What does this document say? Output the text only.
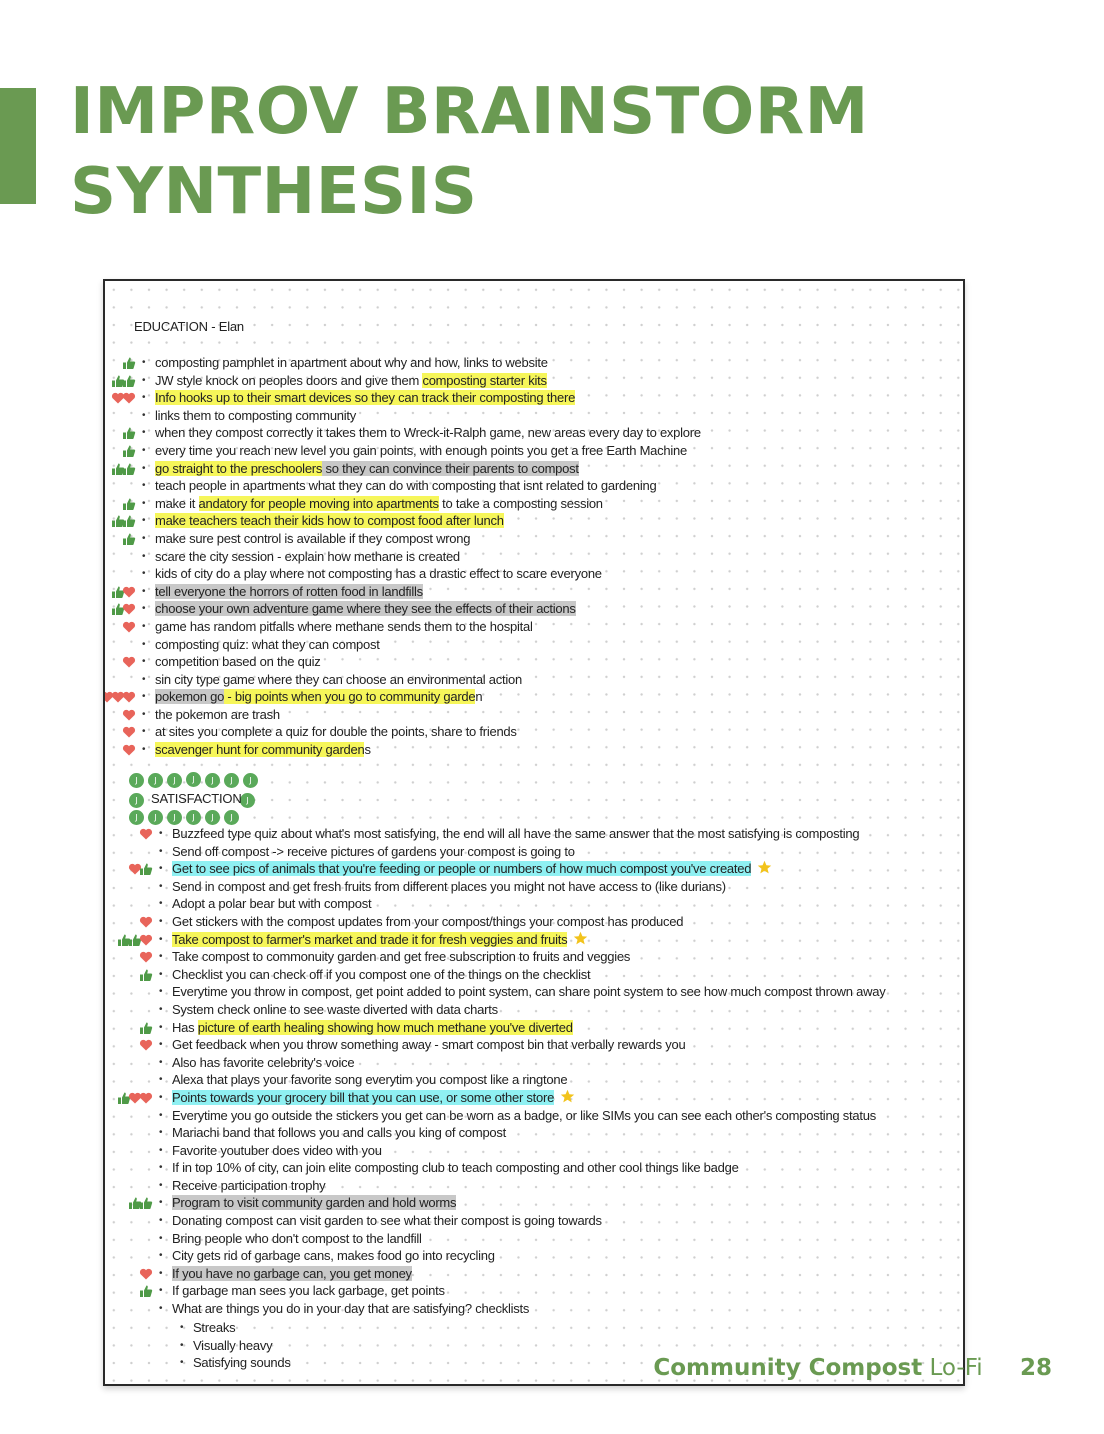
IMPROV BRAINSTORM
SYNTHESIS
EDUCATION - Elan
• composting pamphlet in apartment about why and how, links to website
• JW style knock on peoples doors and give them composting starter kits
• Info hooks up to their smart devices so they can track their composting there
• links them to composting community
• when they compost correctly it takes them to Wreck-it-Ralph game, new areas every day to explore
• every time you reach new level you gain points, with enough points you get a free Earth Machine
• go straight to the preschoolers so they can convince their parents to compost
• teach people in apartments what they can do with composting that isnt related to gardening
• make it andatory for people moving into apartments to take a composting session
• make teachers teach their kids how to compost food after lunch
• make sure pest control is available if they compost wrong
• scare the city session - explain how methane is created
• kids of city do a play where not composting has a drastic effect to scare everyone
• tell everyone the horrors of rotten food in landfills
• choose your own adventure game where they see the effects of their actions
• game has random pitfalls where methane sends them to the hospital
• composting quiz: what they can compost
• competition based on the quiz
• sin city type game where they can choose an environmental action
• pokemon go - big points when you go to community garden
• the pokemon are trash
• at sites you complete a quiz for double the points, share to friends
• scavenger hunt for community gardens
J	J	J	J	J	J	J
J	J
J	J	J	J	J	J
SATISFACTION
• Buzzfeed type quiz about what's most satisfying, the end will all have the same answer that the most satisfying is composting
• Send off compost -> receive pictures of gardens your compost is going to
• Get to see pics of animals that you're feeding or people or numbers of how much compost you've created
• Send in compost and get fresh fruits from different places you might not have access to (like durians)
• Adopt a polar bear but with compost
• Get stickers with the compost updates from your compost/things your compost has produced
• Take compost to farmer's market and trade it for fresh veggies and fruits
• Take compost to commonuity garden and get free subscription to fruits and veggies
• Checklist you can check off if you compost one of the things on the checklist
• Everytime you throw in compost, get point added to point system, can share point system to see how much compost thrown away
• System check online to see waste diverted with data charts
• Has picture of earth healing showing how much methane you've diverted
• Get feedback when you throw something away - smart compost bin that verbally rewards you
• Also has favorite celebrity's voice
• Alexa that plays your favorite song everytim you compost like a ringtone
• Points towards your grocery bill that you can use, or some other store
• Everytime you go outside the stickers you get can be worn as a badge, or like SIMs you can see each other's composting status
• Mariachi band that follows you and calls you king of compost
• Favorite youtuber does video with you
• If in top 10% of city, can join elite composting club to teach composting and other cool things like badge
• Receive participation trophy
• Program to visit community garden and hold worms
• Donating compost can visit garden to see what their compost is going towards
• Bring people who don't compost to the landfill
• City gets rid of garbage cans, makes food go into recycling
• If you have no garbage can, you get money
• If garbage man sees you lack garbage, get points
• What are things you do in your day that are satisfying? checklists
• Streaks
• Visually heavy
• Satisfying sounds	Community Compost Lo-Fi 28
